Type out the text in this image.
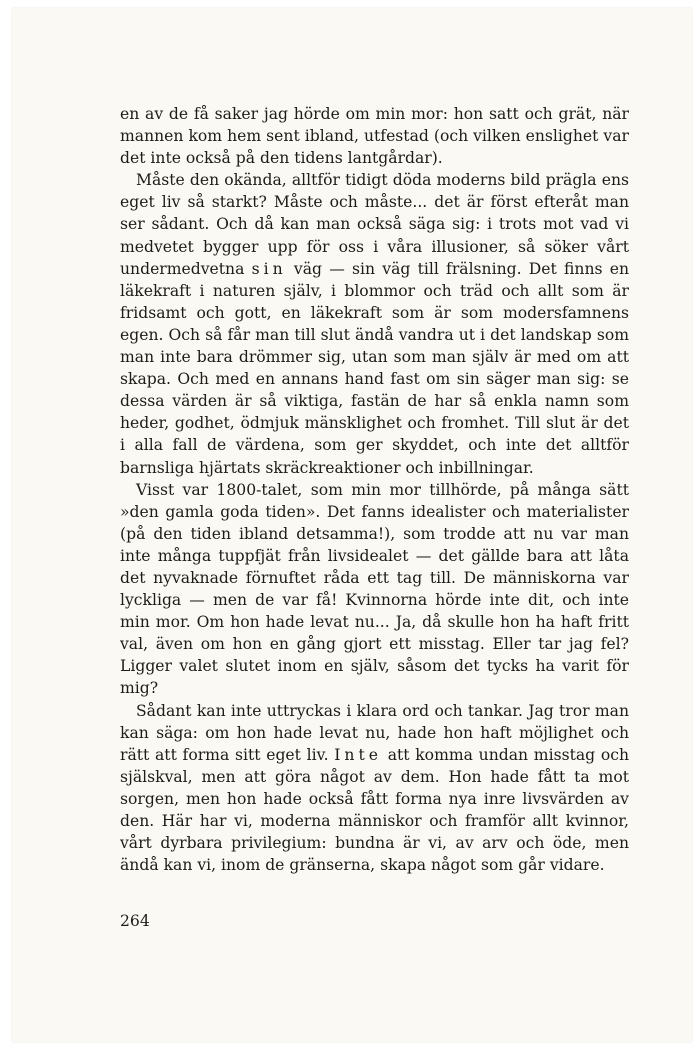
en av de få saker jag hörde om min mor: hon satt och grät, när mannen kom hem sent ibland, utfestad (och vilken enslighet var det inte också på den tidens lantgårdar).

Måste den okända, alltför tidigt döda moderns bild prägla ens eget liv så starkt? Måste och måste... det är först efteråt man ser sådant. Och då kan man också säga sig: i trots mot vad vi medvetet bygger upp för oss i våra illusioner, så söker vårt undermedvetna sin väg — sin väg till frälsning. Det finns en läkekraft i naturen själv, i blommor och träd och allt som är fridsamt och gott, en läkekraft som är som modersfamnens egen. Och så får man till slut ändå vandra ut i det landskap som man inte bara drömmer sig, utan som man själv är med om att skapa. Och med en annans hand fast om sin säger man sig: se dessa värden är så viktiga, fastän de har så enkla namn som heder, godhet, ödmjuk mänsklighet och fromhet. Till slut är det i alla fall de värdena, som ger skyddet, och inte det alltför barnsliga hjärtats skräckreaktioner och inbillningar.

Visst var 1800-talet, som min mor tillhörde, på många sätt »den gamla goda tiden». Det fanns idealister och materialister (på den tiden ibland detsamma!), som trodde att nu var man inte många tuppfjät från livsidealet — det gällde bara att låta det nyvaknade förnuftet råda ett tag till. De människorna var lyckliga — men de var få! Kvinnorna hörde inte dit, och inte min mor. Om hon hade levat nu... Ja, då skulle hon ha haft fritt val, även om hon en gång gjort ett misstag. Eller tar jag fel? Ligger valet slutet inom en själv, såsom det tycks ha varit för mig?

Sådant kan inte uttryckas i klara ord och tankar. Jag tror man kan säga: om hon hade levat nu, hade hon haft möjlighet och rätt att forma sitt eget liv. Inte att komma undan misstag och själskval, men att göra något av dem. Hon hade fått ta mot sorgen, men hon hade också fått forma nya inre livsvärden av den. Här har vi, moderna människor och framför allt kvinnor, vårt dyrbara privilegium: bundna är vi, av arv och öde, men ändå kan vi, inom de gränserna, skapa något som går vidare.

264
